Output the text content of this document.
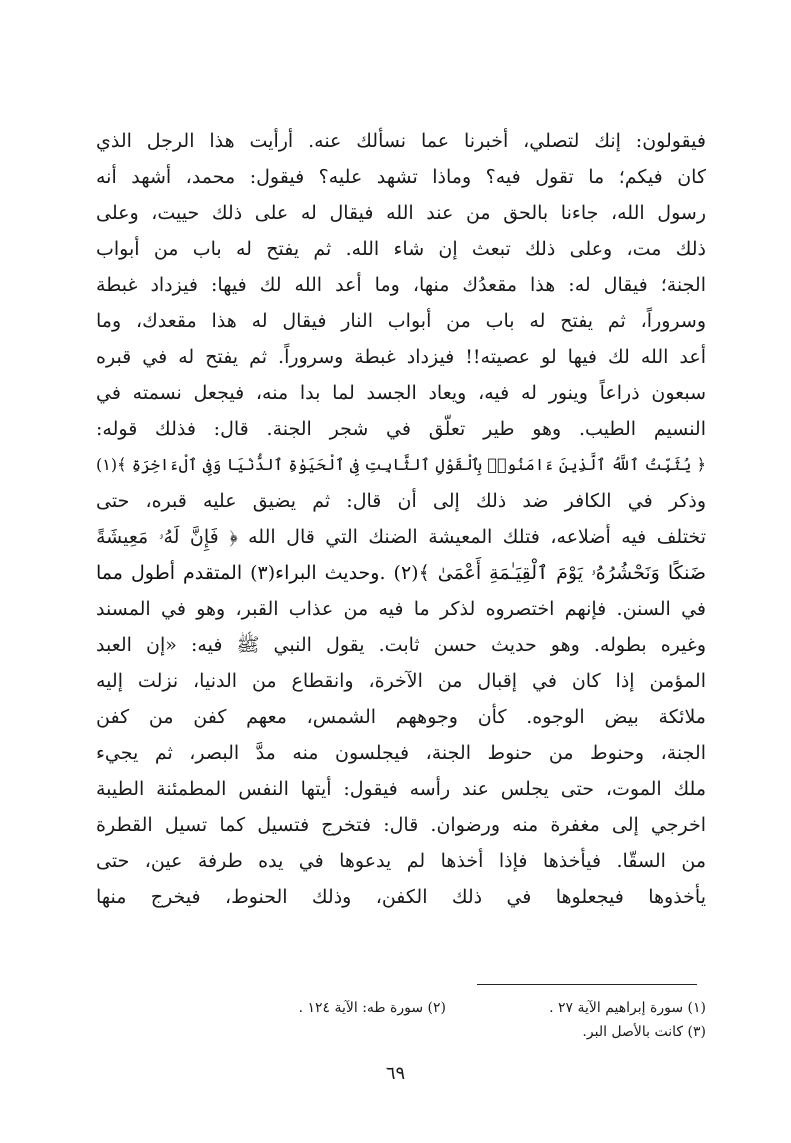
فيقولون: إنك لتصلي، أخبرنا عما نسألك عنه. أرأيت هذا الرجل الذي
كان فيكم؛ ما تقول فيه؟ وماذا تشهد عليه؟ فيقول: محمد، أشهد أنه
رسول الله، جاءنا بالحق من عند الله فيقال له على ذلك حييت، وعلى
ذلك مت، وعلى ذلك تبعث إن شاء الله. ثم يفتح له باب من أبواب
الجنة؛ فيقال له: هذا مقعدُك منها، وما أعد الله لك فيها: فيزداد غبطة
وسروراً، ثم يفتح له باب من أبواب النار فيقال له هذا مقعدك، وما
أعد الله لك فيها لو عصيته!! فيزداد غبطة وسروراً. ثم يفتح له في قبره
سبعون ذراعاً وينور له فيه، ويعاد الجسد لما بدا منه، فيجعل نسمته في
النسيم الطيب. وهو طير تعلّق في شجر الجنة. قال: فذلك قوله:
﴿ يُثَبِّتُ ٱللَّهُ ٱلَّذِينَ ءَامَنُوا۟ بِٱلْقَوْلِ ٱلثَّابِتِ فِى ٱلْحَيَوٰةِ ٱلدُّنْيَا وَفِى ٱلْءَاخِرَةِ ﴾(١)
وذكر في الكافر ضد ذلك إلى أن قال: ثم يضيق عليه قبره، حتى
تختلف فيه أضلاعه، فتلك المعيشة الضنك التي قال الله ﴿ فَإِنَّ لَهُۥ مَعِيشَةً
ضَنكًا وَنَحْشُرُهُۥ يَوْمَ ٱلْقِيَـٰمَةِ أَعْمَىٰ ﴾(٢) .وحديث البراء(٣) المتقدم أطول مما
في السنن. فإنهم اختصروه لذكر ما فيه من عذاب القبر، وهو في المسند
وغيره بطوله. وهو حديث حسن ثابت. يقول النبي ﷺ فيه: «إن العبد
المؤمن إذا كان في إقبال من الآخرة، وانقطاع من الدنيا، نزلت إليه
ملائكة بيض الوجوه. كأن وجوههم الشمس، معهم كفن من كفن
الجنة، وحنوط من حنوط الجنة، فيجلسون منه مدَّ البصر، ثم يجيء
ملك الموت، حتى يجلس عند رأسه فيقول: أيتها النفس المطمئنة الطيبة
اخرجي إلى مغفرة منه ورضوان. قال: فتخرج فتسيل كما تسيل القطرة
من السقّا. فيأخذها فإذا أخذها لم يدعوها في يده طرفة عين، حتى
يأخذوها فيجعلوها في ذلك الكفن، وذلك الحنوط، فيخرج منها
(١) سورة إبراهيم الآية ٢٧ .
(٢) سورة طه: الآية ١٢٤ .
(٣) كانت بالأصل البر.
٦٩
